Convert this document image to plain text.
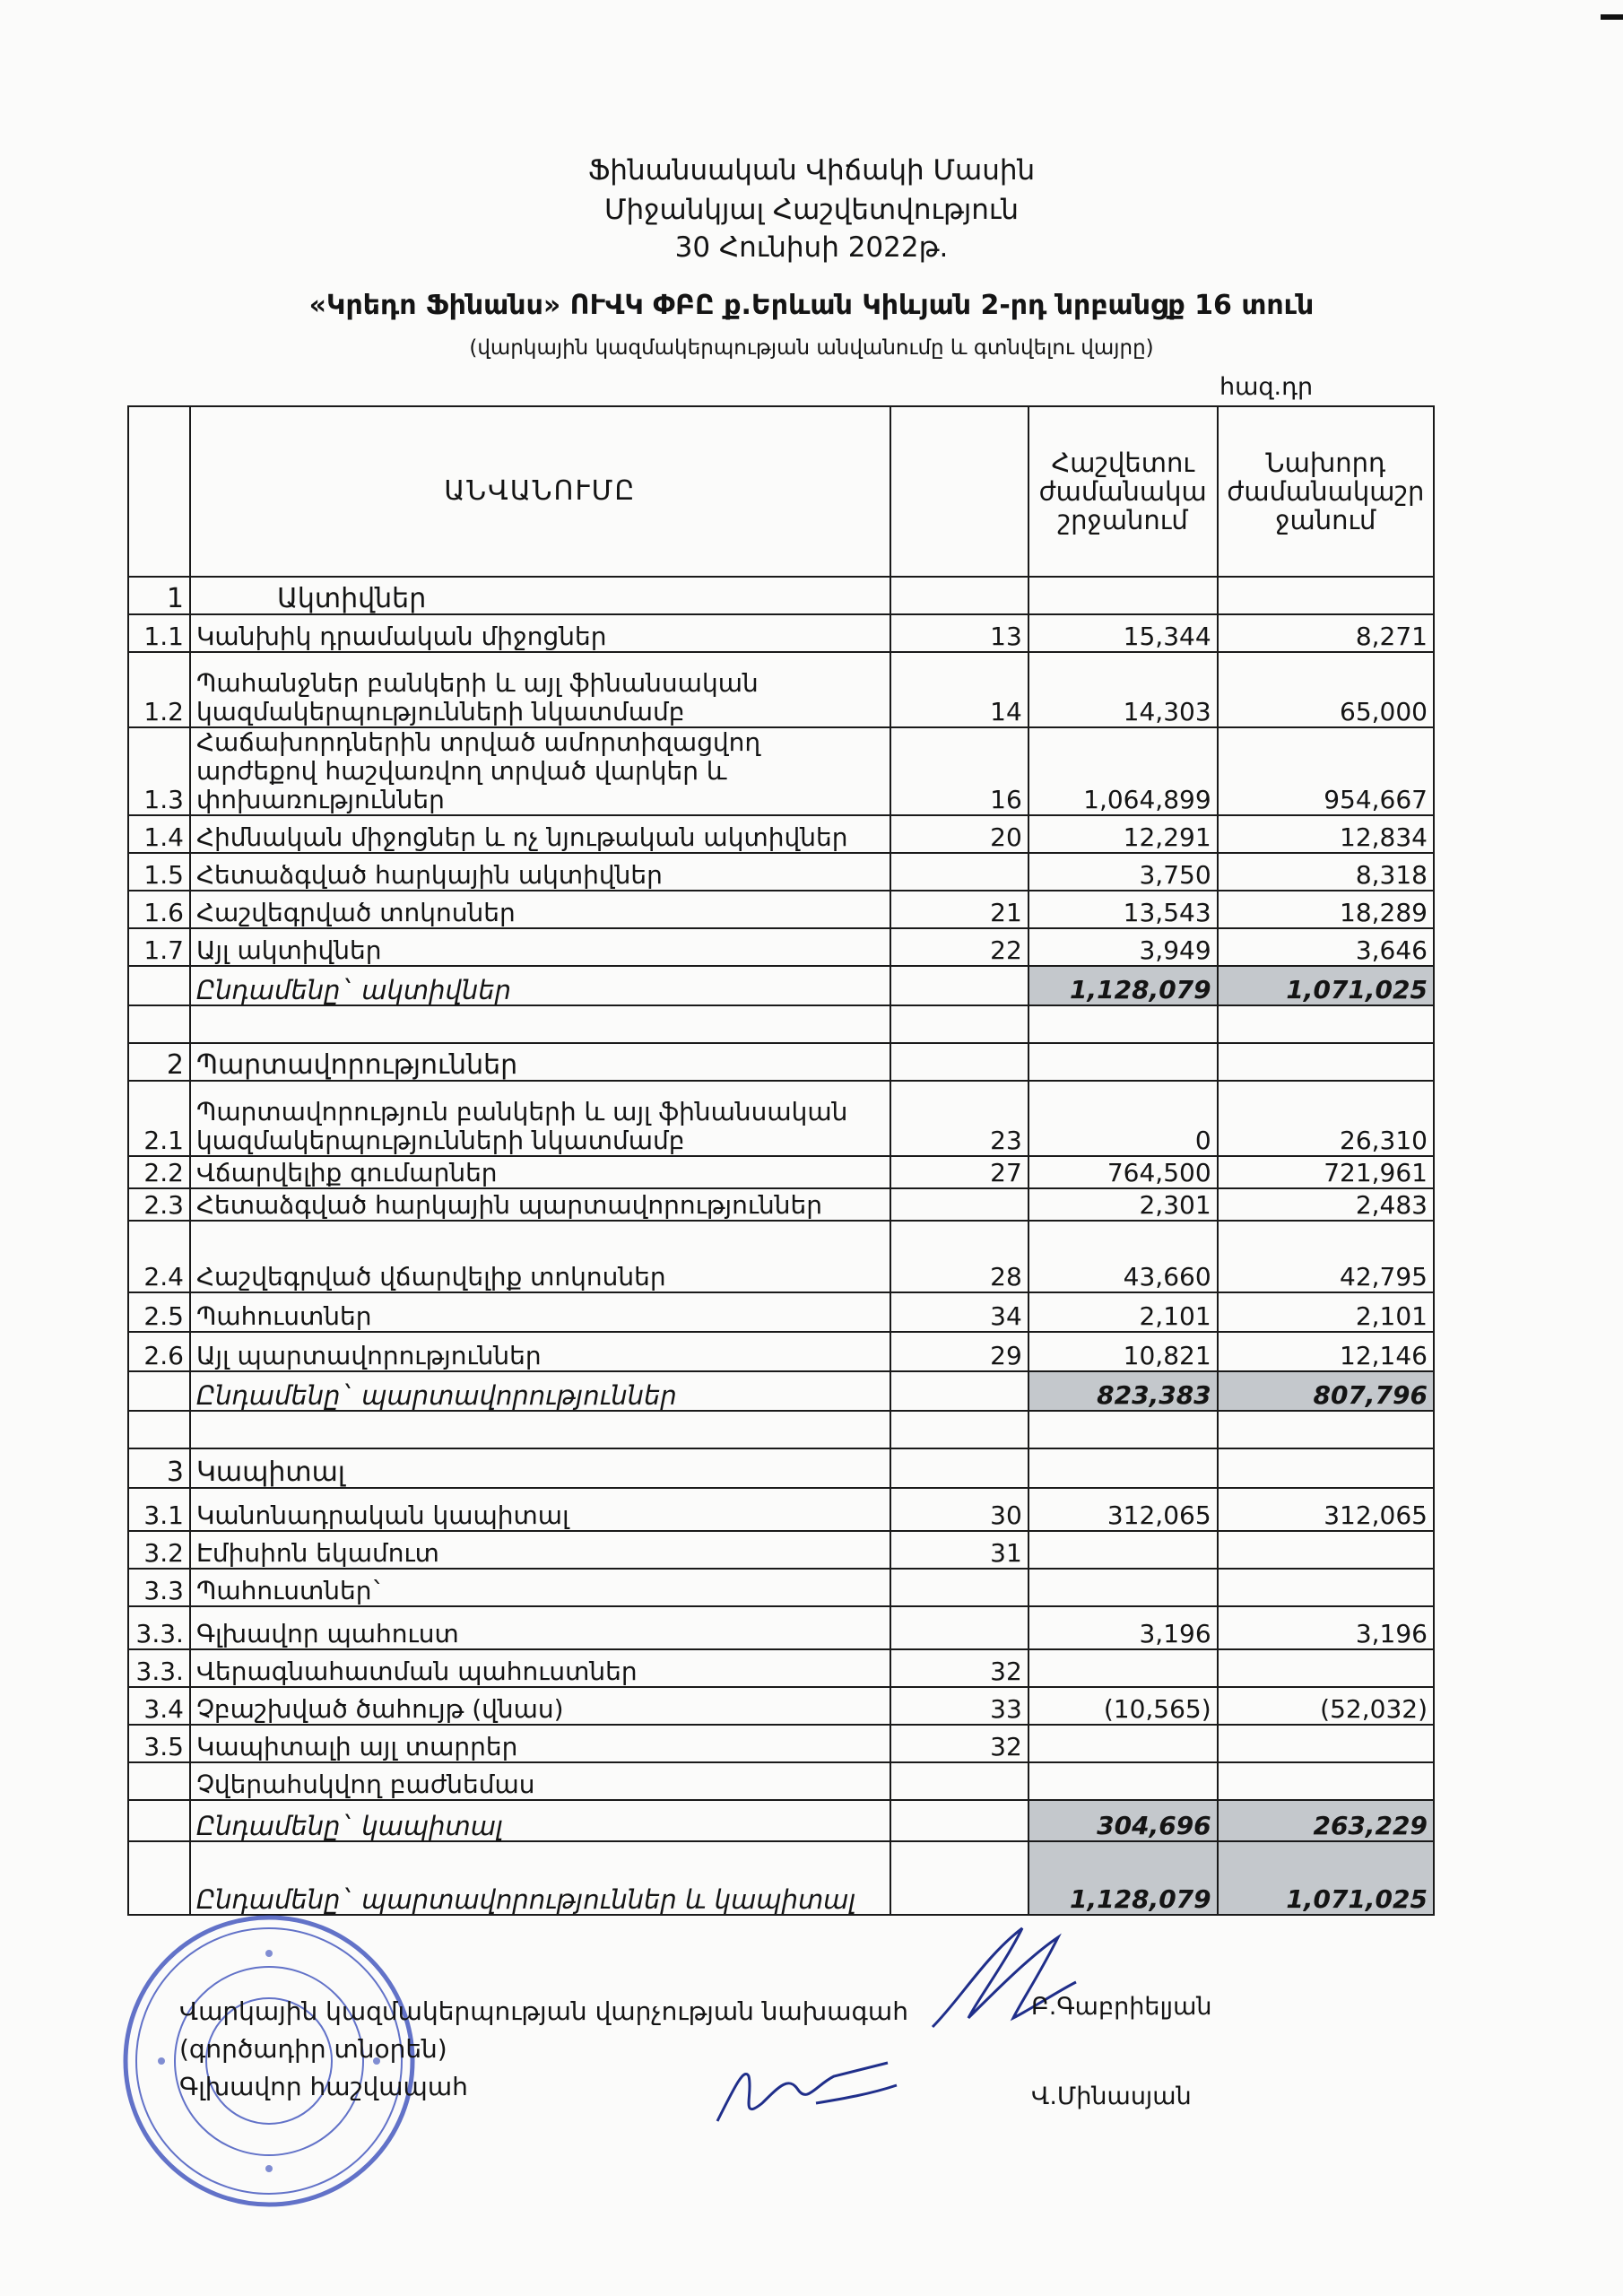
Ֆինանսական Վիճակի Մասին
Միջանկյալ Հաշվետվություն
30 Հունիսի 2022թ.
«Կրեդո Ֆինանս» ՈՒՎԿ ՓԲԸ ք.Երևան Կիևյան 2-րդ նրբանցք 16 տուն
(վարկային կազմակերպության անվանումը և գտնվելու վայրը)
հազ.դր
	ԱՆՎԱՆՈՒՄԸ		Հաշվետու ժամանակա շրջանում	Նախորդ ժամանակաշր ջանում
1	Ակտիվներ			
1.1	Կանխիկ դրամական միջոցներ	13	15,344	8,271
1.2	Պահանջներ բանկերի և այլ ֆինանսական կազմակերպությունների նկատմամբ	14	14,303	65,000
1.3	Հաճախորդներին տրված ամորտիզացվող արժեքով հաշվառվող տրված վարկեր և փոխառություններ	16	1,064,899	954,667
1.4	Հիմնական միջոցներ և ոչ նյութական ակտիվներ	20	12,291	12,834
1.5	Հետաձգված հարկային ակտիվներ		3,750	8,318
1.6	Հաշվեգրված տոկոսներ	21	13,543	18,289
1.7	Այլ ակտիվներ	22	3,949	3,646
	Ընդամենը` ակտիվներ		1,128,079	1,071,025

2	Պարտավորություններ			
2.1	Պարտավորություն բանկերի և այլ ֆինանսական կազմակերպությունների նկատմամբ	23	0	26,310
2.2	Վճարվելիք գումարներ	27	764,500	721,961
2.3	Հետաձգված հարկային պարտավորություններ		2,301	2,483
2.4	Հաշվեգրված վճարվելիք տոկոսներ	28	43,660	42,795
2.5	Պահուստներ	34	2,101	2,101
2.6	Այլ պարտավորություններ	29	10,821	12,146
	Ընդամենը` պարտավորություններ		823,383	807,796

3	Կապիտալ			
3.1	Կանոնադրական կապիտալ	30	312,065	312,065
3.2	Էմիսիոն եկամուտ	31		
3.3	Պահուստներ`			
3.3.	Գլխավոր պահուստ		3,196	3,196
3.3.	Վերագնահատման պահուստներ	32		
3.4	Չբաշխված ծահույթ (վնաս)	33	(10,565)	(52,032)
3.5	Կապիտալի այլ տարրեր	32		
	Չվերահսկվող բաժնեմաս			
	Ընդամենը` կապիտալ		304,696	263,229
	Ընդամենը` պարտավորություններ և կապիտալ		1,128,079	1,071,025
Վարկային կազմակերպության վարչության նախագահ
(գործադիր տնօրեն)
Գլխավոր հաշվապահ
Բ.Գաբրիելյան
Վ.Մինասյան
